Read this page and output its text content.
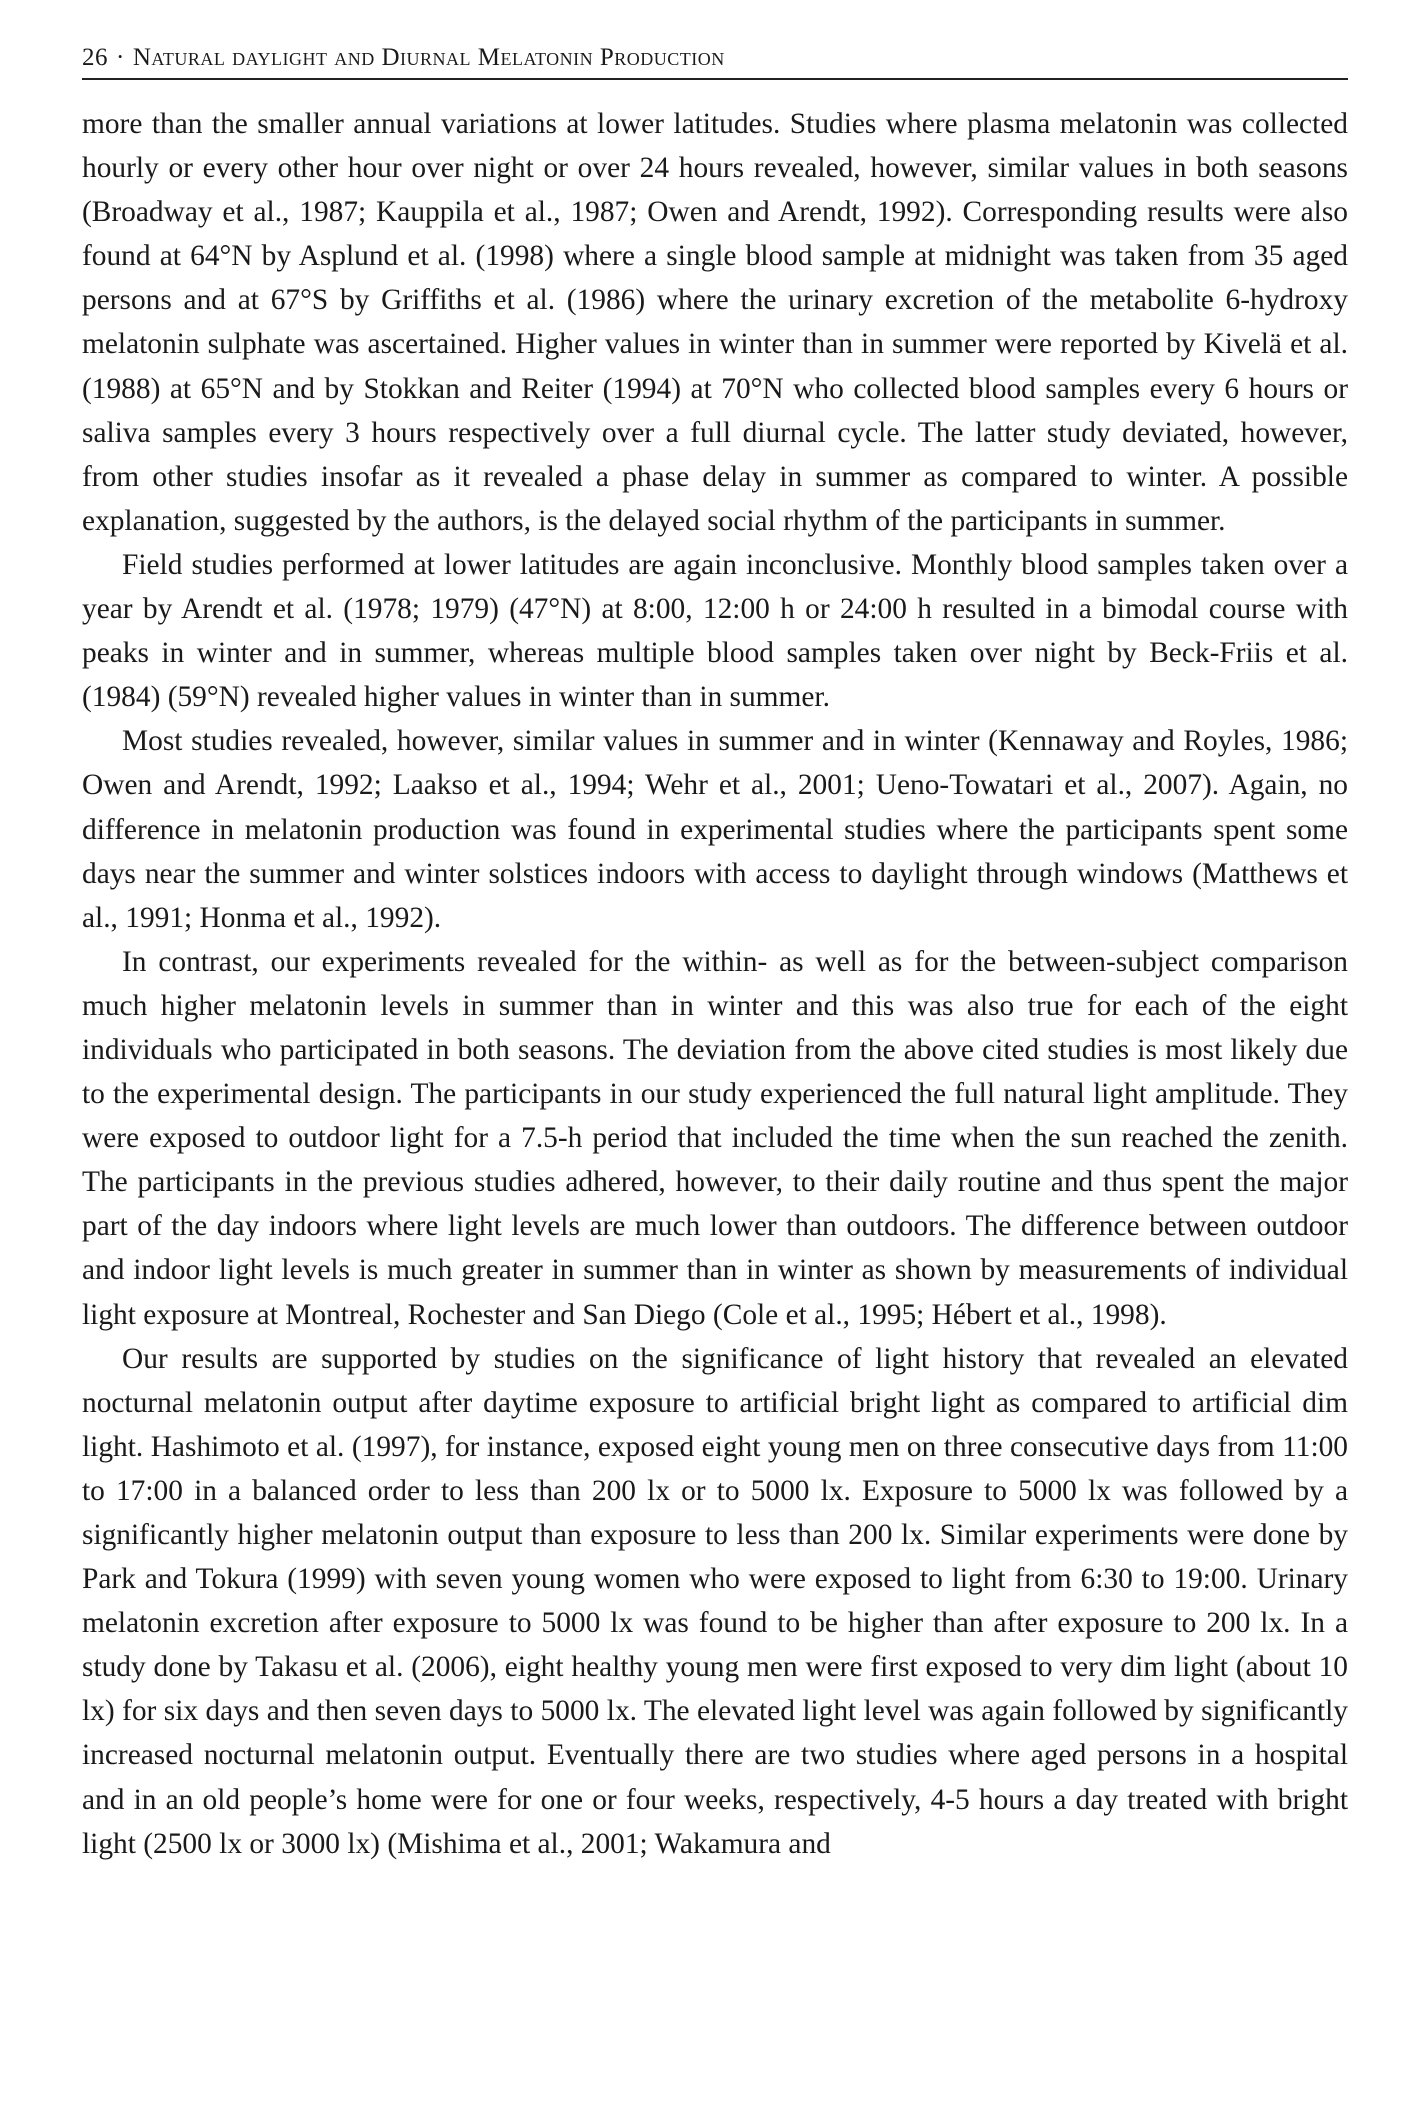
26 · Natural daylight and Diurnal Melatonin Production

more than the smaller annual variations at lower latitudes. Studies where plasma melatonin was collected hourly or every other hour over night or over 24 hours revealed, however, similar values in both seasons (Broadway et al., 1987; Kauppila et al., 1987; Owen and Arendt, 1992). Corresponding results were also found at 64°N by Asplund et al. (1998) where a single blood sample at midnight was taken from 35 aged persons and at 67°S by Griffiths et al. (1986) where the urinary excretion of the metabolite 6-hydroxy melatonin sulphate was ascertained. Higher values in winter than in summer were reported by Kivelä et al. (1988) at 65°N and by Stokkan and Reiter (1994) at 70°N who collected blood samples every 6 hours or saliva samples every 3 hours respectively over a full diurnal cycle. The latter study deviated, however, from other studies insofar as it revealed a phase delay in summer as compared to winter. A possible explanation, suggested by the authors, is the delayed social rhythm of the participants in summer.

Field studies performed at lower latitudes are again inconclusive. Monthly blood samples taken over a year by Arendt et al. (1978; 1979) (47°N) at 8:00, 12:00 h or 24:00 h resulted in a bimodal course with peaks in winter and in summer, whereas multiple blood samples taken over night by Beck-Friis et al. (1984) (59°N) revealed higher values in winter than in summer.

Most studies revealed, however, similar values in summer and in winter (Kennaway and Royles, 1986; Owen and Arendt, 1992; Laakso et al., 1994; Wehr et al., 2001; Ueno-Towatari et al., 2007). Again, no difference in melatonin production was found in experimental studies where the participants spent some days near the summer and winter solstices indoors with access to daylight through windows (Matthews et al., 1991; Honma et al., 1992).

In contrast, our experiments revealed for the within- as well as for the between-subject comparison much higher melatonin levels in summer than in winter and this was also true for each of the eight individuals who participated in both seasons. The deviation from the above cited studies is most likely due to the experimental design. The participants in our study experienced the full natural light amplitude. They were exposed to outdoor light for a 7.5-h period that included the time when the sun reached the zenith. The participants in the previous studies adhered, however, to their daily routine and thus spent the major part of the day indoors where light levels are much lower than outdoors. The difference between outdoor and indoor light levels is much greater in summer than in winter as shown by measurements of individual light exposure at Montreal, Rochester and San Diego (Cole et al., 1995; Hébert et al., 1998).

Our results are supported by studies on the significance of light history that revealed an elevated nocturnal melatonin output after daytime exposure to artificial bright light as compared to artificial dim light. Hashimoto et al. (1997), for instance, exposed eight young men on three consecutive days from 11:00 to 17:00 in a balanced order to less than 200 lx or to 5000 lx. Exposure to 5000 lx was followed by a significantly higher melatonin output than exposure to less than 200 lx. Similar experiments were done by Park and Tokura (1999) with seven young women who were exposed to light from 6:30 to 19:00. Urinary melatonin excretion after exposure to 5000 lx was found to be higher than after exposure to 200 lx. In a study done by Takasu et al. (2006), eight healthy young men were first exposed to very dim light (about 10 lx) for six days and then seven days to 5000 lx. The elevated light level was again followed by significantly increased nocturnal melatonin output. Eventually there are two studies where aged persons in a hospital and in an old people’s home were for one or four weeks, respectively, 4-5 hours a day treated with bright light (2500 lx or 3000 lx) (Mishima et al., 2001; Wakamura and
